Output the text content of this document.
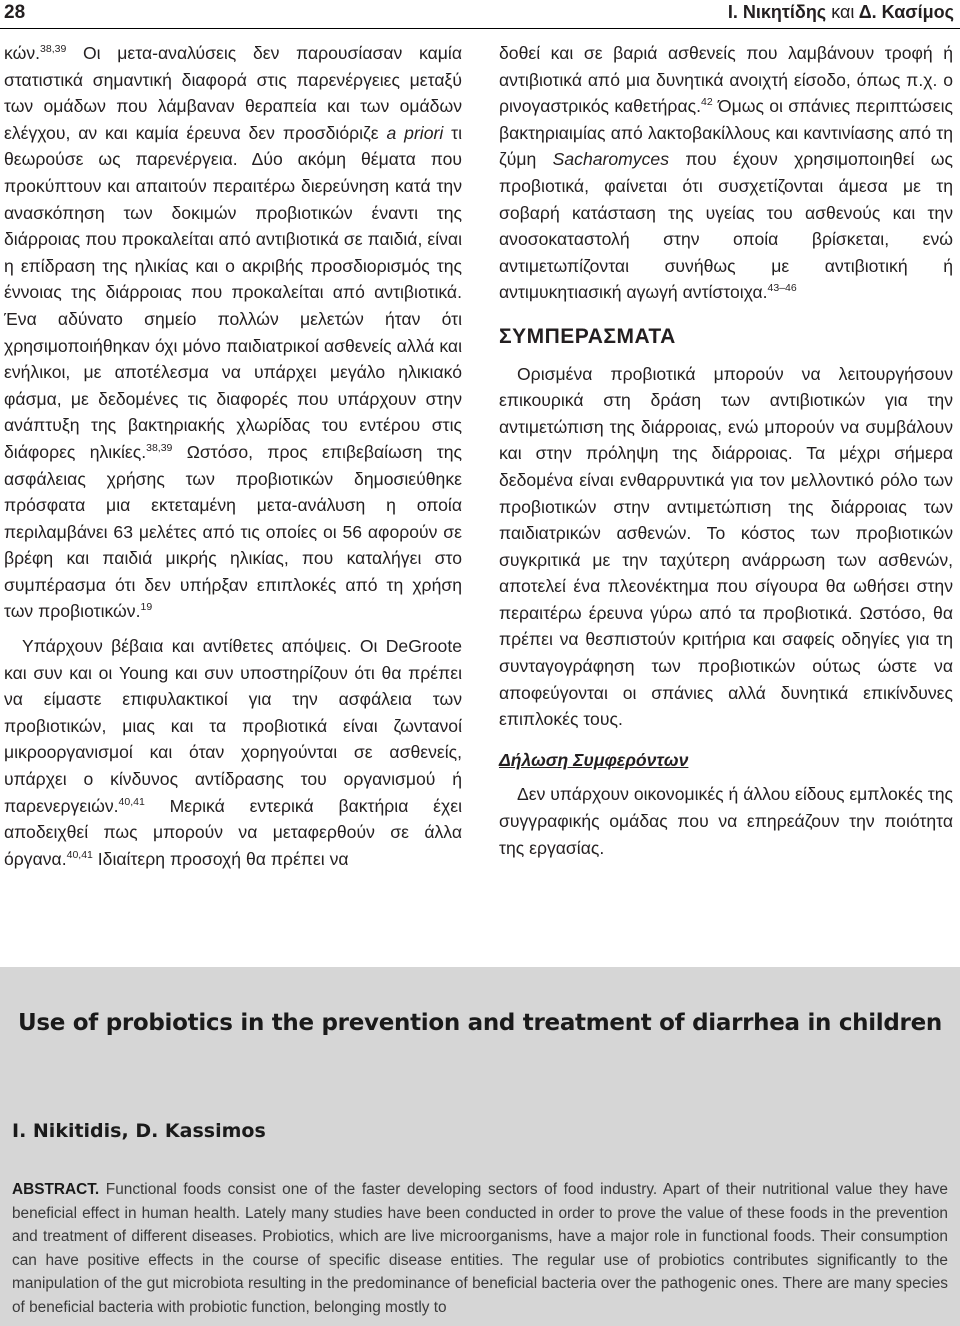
28	Ι. Νικητίδης και Δ. Κασίμος

κών.$^{38,39}$ Οι μετα-αναλύσεις δεν παρουσίασαν καμία στατιστικά σημαντική διαφορά στις παρενέργειες μεταξύ των ομάδων που λάμβαναν θεραπεία και των ομάδων ελέγχου, αν και καμία έρευνα δεν προσδιόριζε a priori τι θεωρούσε ως παρενέργεια. Δύο ακόμη θέματα που προκύπτουν και απαιτούν περαιτέρω διερεύνηση κατά την ανασκόπηση των δοκιμών προβιοτικών έναντι της διάρροιας που προκαλείται από αντιβιοτικά σε παιδιά, είναι η επίδραση της ηλικίας και ο ακριβής προσδιορισμός της έννοιας της διάρροιας που προκαλείται από αντιβιοτικά. Ένα αδύνατο σημείο πολλών μελετών ήταν ότι χρησιμοποιήθηκαν όχι μόνο παιδιατρικοί ασθενείς αλλά και ενήλικοι, με αποτέλεσμα να υπάρχει μεγάλο ηλικιακό φάσμα, με δεδομένες τις διαφορές που υπάρχουν στην ανάπτυξη της βακτηριακής χλωρίδας του εντέρου στις διάφορες ηλικίες.$^{38,39}$ Ωστόσο, προς επιβεβαίωση της ασφάλειας χρήσης των προβιοτικών δημοσιεύθηκε πρόσφατα μια εκτεταμένη μετα-ανάλυση η οποία περιλαμβάνει 63 μελέτες από τις οποίες οι 56 αφορούν σε βρέφη και παιδιά μικρής ηλικίας, που καταλήγει στο συμπέρασμα ότι δεν υπήρξαν επιπλοκές από τη χρήση των προβιοτικών.$^{19}$

Υπάρχουν βέβαια και αντίθετες απόψεις. Οι DeGroote και συν και οι Young και συν υποστηρίζουν ότι θα πρέπει να είμαστε επιφυλακτικοί για την ασφάλεια των προβιοτικών, μιας και τα προβιοτικά είναι ζωντανοί μικροοργανισμοί και όταν χορηγούνται σε ασθενείς, υπάρχει ο κίνδυνος αντίδρασης του οργανισμού ή παρενεργειών.$^{40,41}$ Μερικά εντερικά βακτήρια έχει αποδειχθεί πως μπορούν να μεταφερθούν σε άλλα όργανα.$^{40,41}$ Ιδιαίτερη προσοχή θα πρέπει να

δοθεί και σε βαριά ασθενείς που λαμβάνουν τροφή ή αντιβιοτικά από μια δυνητικά ανοιχτή είσοδο, όπως π.χ. ο ρινογαστρικός καθετήρας.$^{42}$ Όμως οι σπάνιες περιπτώσεις βακτηριαιμίας από λακτοβακίλλους και καντινίασης από τη ζύμη Sacharomyces που έχουν χρησιμοποιηθεί ως προβιοτικά, φαίνεται ότι συσχετίζονται άμεσα με τη σοβαρή κατάσταση της υγείας του ασθενούς και την ανοσοκαταστολή στην οποία βρίσκεται, ενώ αντιμετωπίζονται συνήθως με αντιβιοτική ή αντιμυκητιασική αγωγή αντίστοιχα.$^{43-46}$

ΣΥΜΠΕΡΑΣΜΑΤΑ

Ορισμένα προβιοτικά μπορούν να λειτουργήσουν επικουρικά στη δράση των αντιβιοτικών για την αντιμετώπιση της διάρροιας, ενώ μπορούν να συμβάλουν και στην πρόληψη της διάρροιας. Τα μέχρι σήμερα δεδομένα είναι ενθαρρυντικά για τον μελλοντικό ρόλο των προβιοτικών στην αντιμετώπιση της διάρροιας των παιδιατρικών ασθενών. Το κόστος των προβιοτικών συγκριτικά με την ταχύτερη ανάρρωση των ασθενών, αποτελεί ένα πλεονέκτημα που σίγουρα θα ωθήσει στην περαιτέρω έρευνα γύρω από τα προβιοτικά. Ωστόσο, θα πρέπει να θεσπιστούν κριτήρια και σαφείς οδηγίες για τη συνταγογράφηση των προβιοτικών ούτως ώστε να αποφεύγονται οι σπάνιες αλλά δυνητικά επικίνδυνες επιπλοκές τους.

Δήλωση Συμφερόντων

Δεν υπάρχουν οικονομικές ή άλλου είδους εμπλοκές της συγγραφικής ομάδας που να επηρεάζουν την ποιότητα της εργασίας.

Use of probiotics in the prevention and treatment of diarrhea in children
I. Nikitidis, D. Kassimos
ABSTRACT. Functional foods consist one of the faster developing sectors of food industry. Apart of their nutritional value they have beneficial effect in human health. Lately many studies have been conducted in order to prove the value of these foods in the prevention and treatment of different diseases. Probiotics, which are live microorganisms, have a major role in functional foods. Their consumption can have positive effects in the course of specific disease entities. The regular use of probiotics contributes significantly to the manipulation of the gut microbiota resulting in the predominance of beneficial bacteria over the pathogenic ones. There are many species of beneficial bacteria with probiotic function, belonging mostly to
